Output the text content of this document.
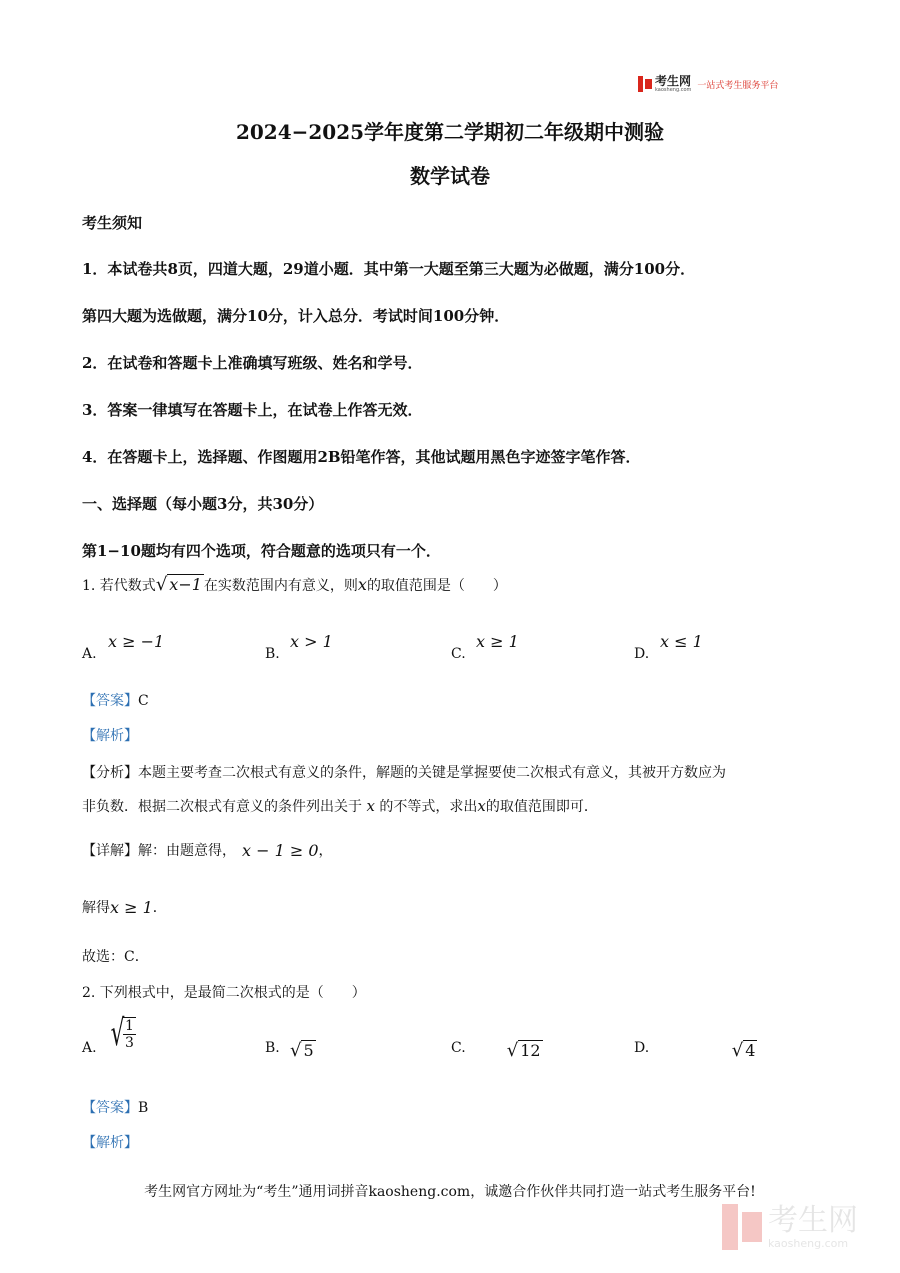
考生网
kaosheng.com 一站式考生服务平台
2024−2025学年度第二学期初二年级期中测验
数学试卷
考生须知
1．本试卷共8页，四道大题，29道小题．其中第一大题至第三大题为必做题，满分100分．
第四大题为选做题，满分10分，计入总分．考试时间100分钟．
2．在试卷和答题卡上准确填写班级、姓名和学号．
3．答案一律填写在答题卡上，在试卷上作答无效．
4．在答题卡上，选择题、作图题用2B铅笔作答，其他试题用黑色字迹签字笔作答．
一、选择题（每小题3分，共30分）
第1−10题均有四个选项，符合题意的选项只有一个．
1. 若代数式 √ x−1 在实数范围内有意义，则 x 的取值范围是（　　）
A.
x ≥ −1
B.
x > 1
C.
x ≥ 1
D.
x ≤ 1
【答案】C
【解析】
【分析】本题主要考查二次根式有意义的条件，解题的关键是掌握要使二次根式有意义，其被开方数应为
非负数．根据二次根式有意义的条件列出关于 x 的不等式，求出x的取值范围即可．
【详解】 解：由题意得， x − 1 ≥ 0 ，
解得 x ≥ 1 ．
故选：C．
2. 下列根式中，是最简二次根式的是（　　）
A. √
$\frac{1}{3}$	B. √ 5	C. √ 12	D.	√ 4
【答案】B
【解析】
考生网官方网址为“考生”通用词拼音kaosheng.com，诚邀合作伙伴共同打造一站式考生服务平台!
考生网
kaosheng.com
